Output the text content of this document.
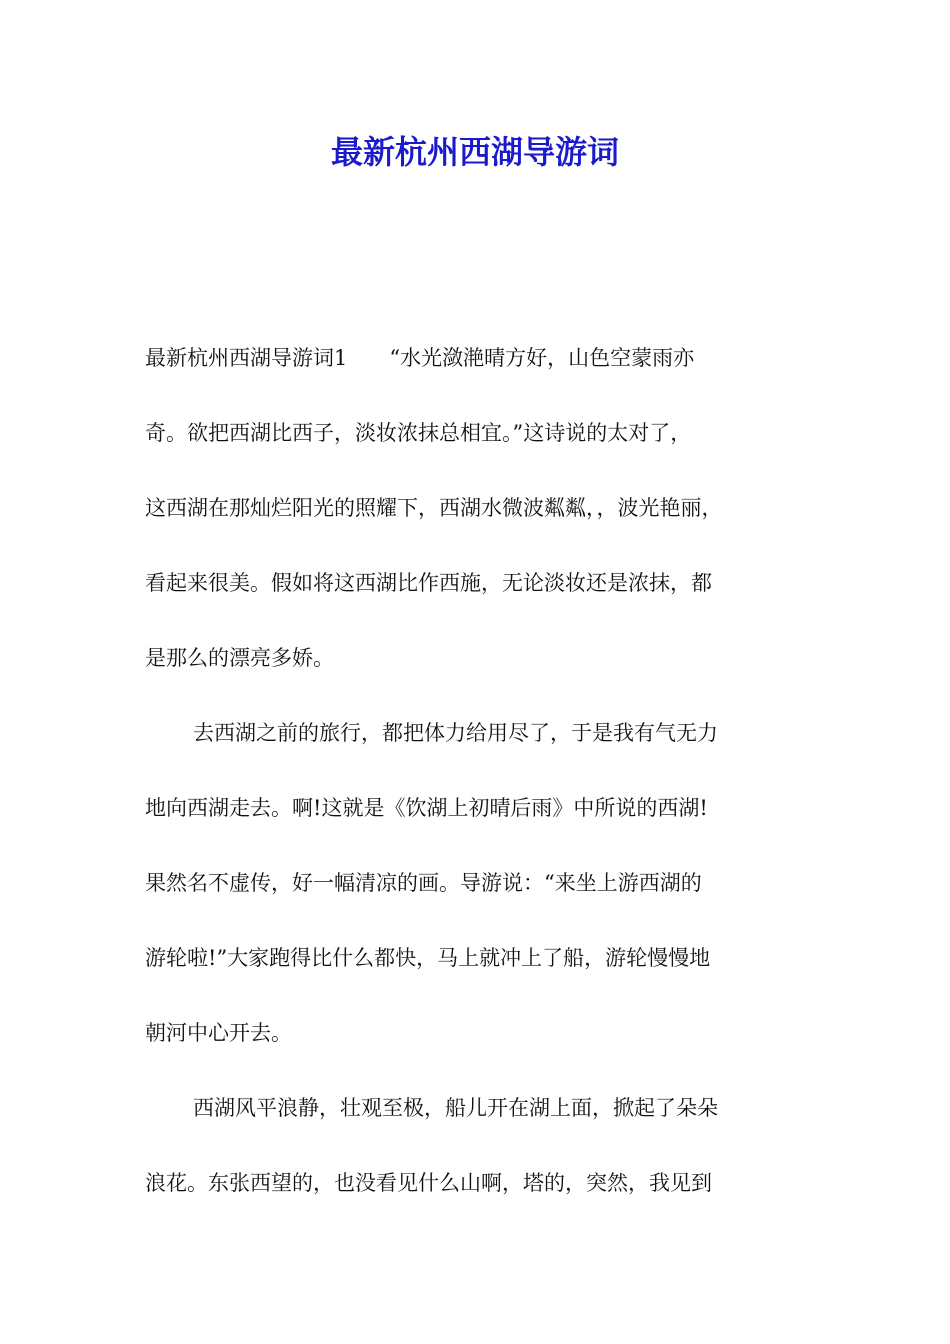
最新杭州西湖导游词

最新杭州西湖导游词1　　“水光潋滟晴方好，山色空蒙雨亦

奇。欲把西湖比西子，淡妆浓抹总相宜。”这诗说的太对了，

这西湖在那灿烂阳光的照耀下，西湖水微波粼粼，，波光艳丽，

看起来很美。假如将这西湖比作西施，无论淡妆还是浓抹，都

是那么的漂亮多娇。

去西湖之前的旅行，都把体力给用尽了，于是我有气无力

地向西湖走去。啊!这就是《饮湖上初晴后雨》中所说的西湖!

果然名不虚传，好一幅清凉的画。导游说：“来坐上游西湖的

游轮啦!”大家跑得比什么都快，马上就冲上了船，游轮慢慢地

朝河中心开去。

西湖风平浪静，壮观至极，船儿开在湖上面，掀起了朵朵

浪花。东张西望的，也没看见什么山啊，塔的，突然，我见到
